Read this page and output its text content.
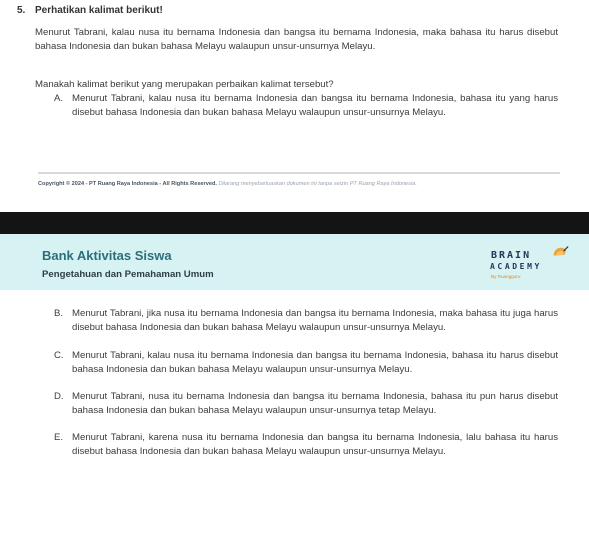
5. Perhatikan kalimat berikut!

Menurut Tabrani, kalau nusa itu bernama Indonesia dan bangsa itu bernama Indonesia, maka bahasa itu harus disebut bahasa Indonesia dan bukan bahasa Melayu walaupun unsur-unsurnya Melayu.

Manakah kalimat berikut yang merupakan perbaikan kalimat tersebut?

A. Menurut Tabrani, kalau nusa itu bernama Indonesia dan bangsa itu bernama Indonesia, bahasa itu yang harus disebut bahasa Indonesia dan bukan bahasa Melayu walaupun unsur-unsurnya Melayu.
Copyright © 2024 - PT Ruang Raya Indonesia - All Rights Reserved. Dilarang menyebarluaskan dokumen ini tanpa seizin PT Ruang Raya Indonesia.
Bank Aktivitas Siswa
Pengetahuan dan Pemahaman Umum
BRAIN
ACADEMY
By Ruangguru
B. Menurut Tabrani, jika nusa itu bernama Indonesia dan bangsa itu bernama Indonesia, maka bahasa itu juga harus disebut bahasa Indonesia dan bukan bahasa Melayu walaupun unsur-unsurnya Melayu.
C. Menurut Tabrani, kalau nusa itu bernama Indonesia dan bangsa itu bernama Indonesia, bahasa itu harus disebut bahasa Indonesia dan bukan bahasa Melayu walaupun unsur-unsurnya Melayu.
D. Menurut Tabrani, nusa itu bernama Indonesia dan bangsa itu bernama Indonesia, bahasa itu pun harus disebut bahasa Indonesia dan bukan bahasa Melayu walaupun unsur-unsurnya tetap Melayu.
E. Menurut Tabrani, karena nusa itu bernama Indonesia dan bangsa itu bernama Indonesia, lalu bahasa itu harus disebut bahasa Indonesia dan bukan bahasa Melayu walaupun unsur-unsurnya Melayu.
